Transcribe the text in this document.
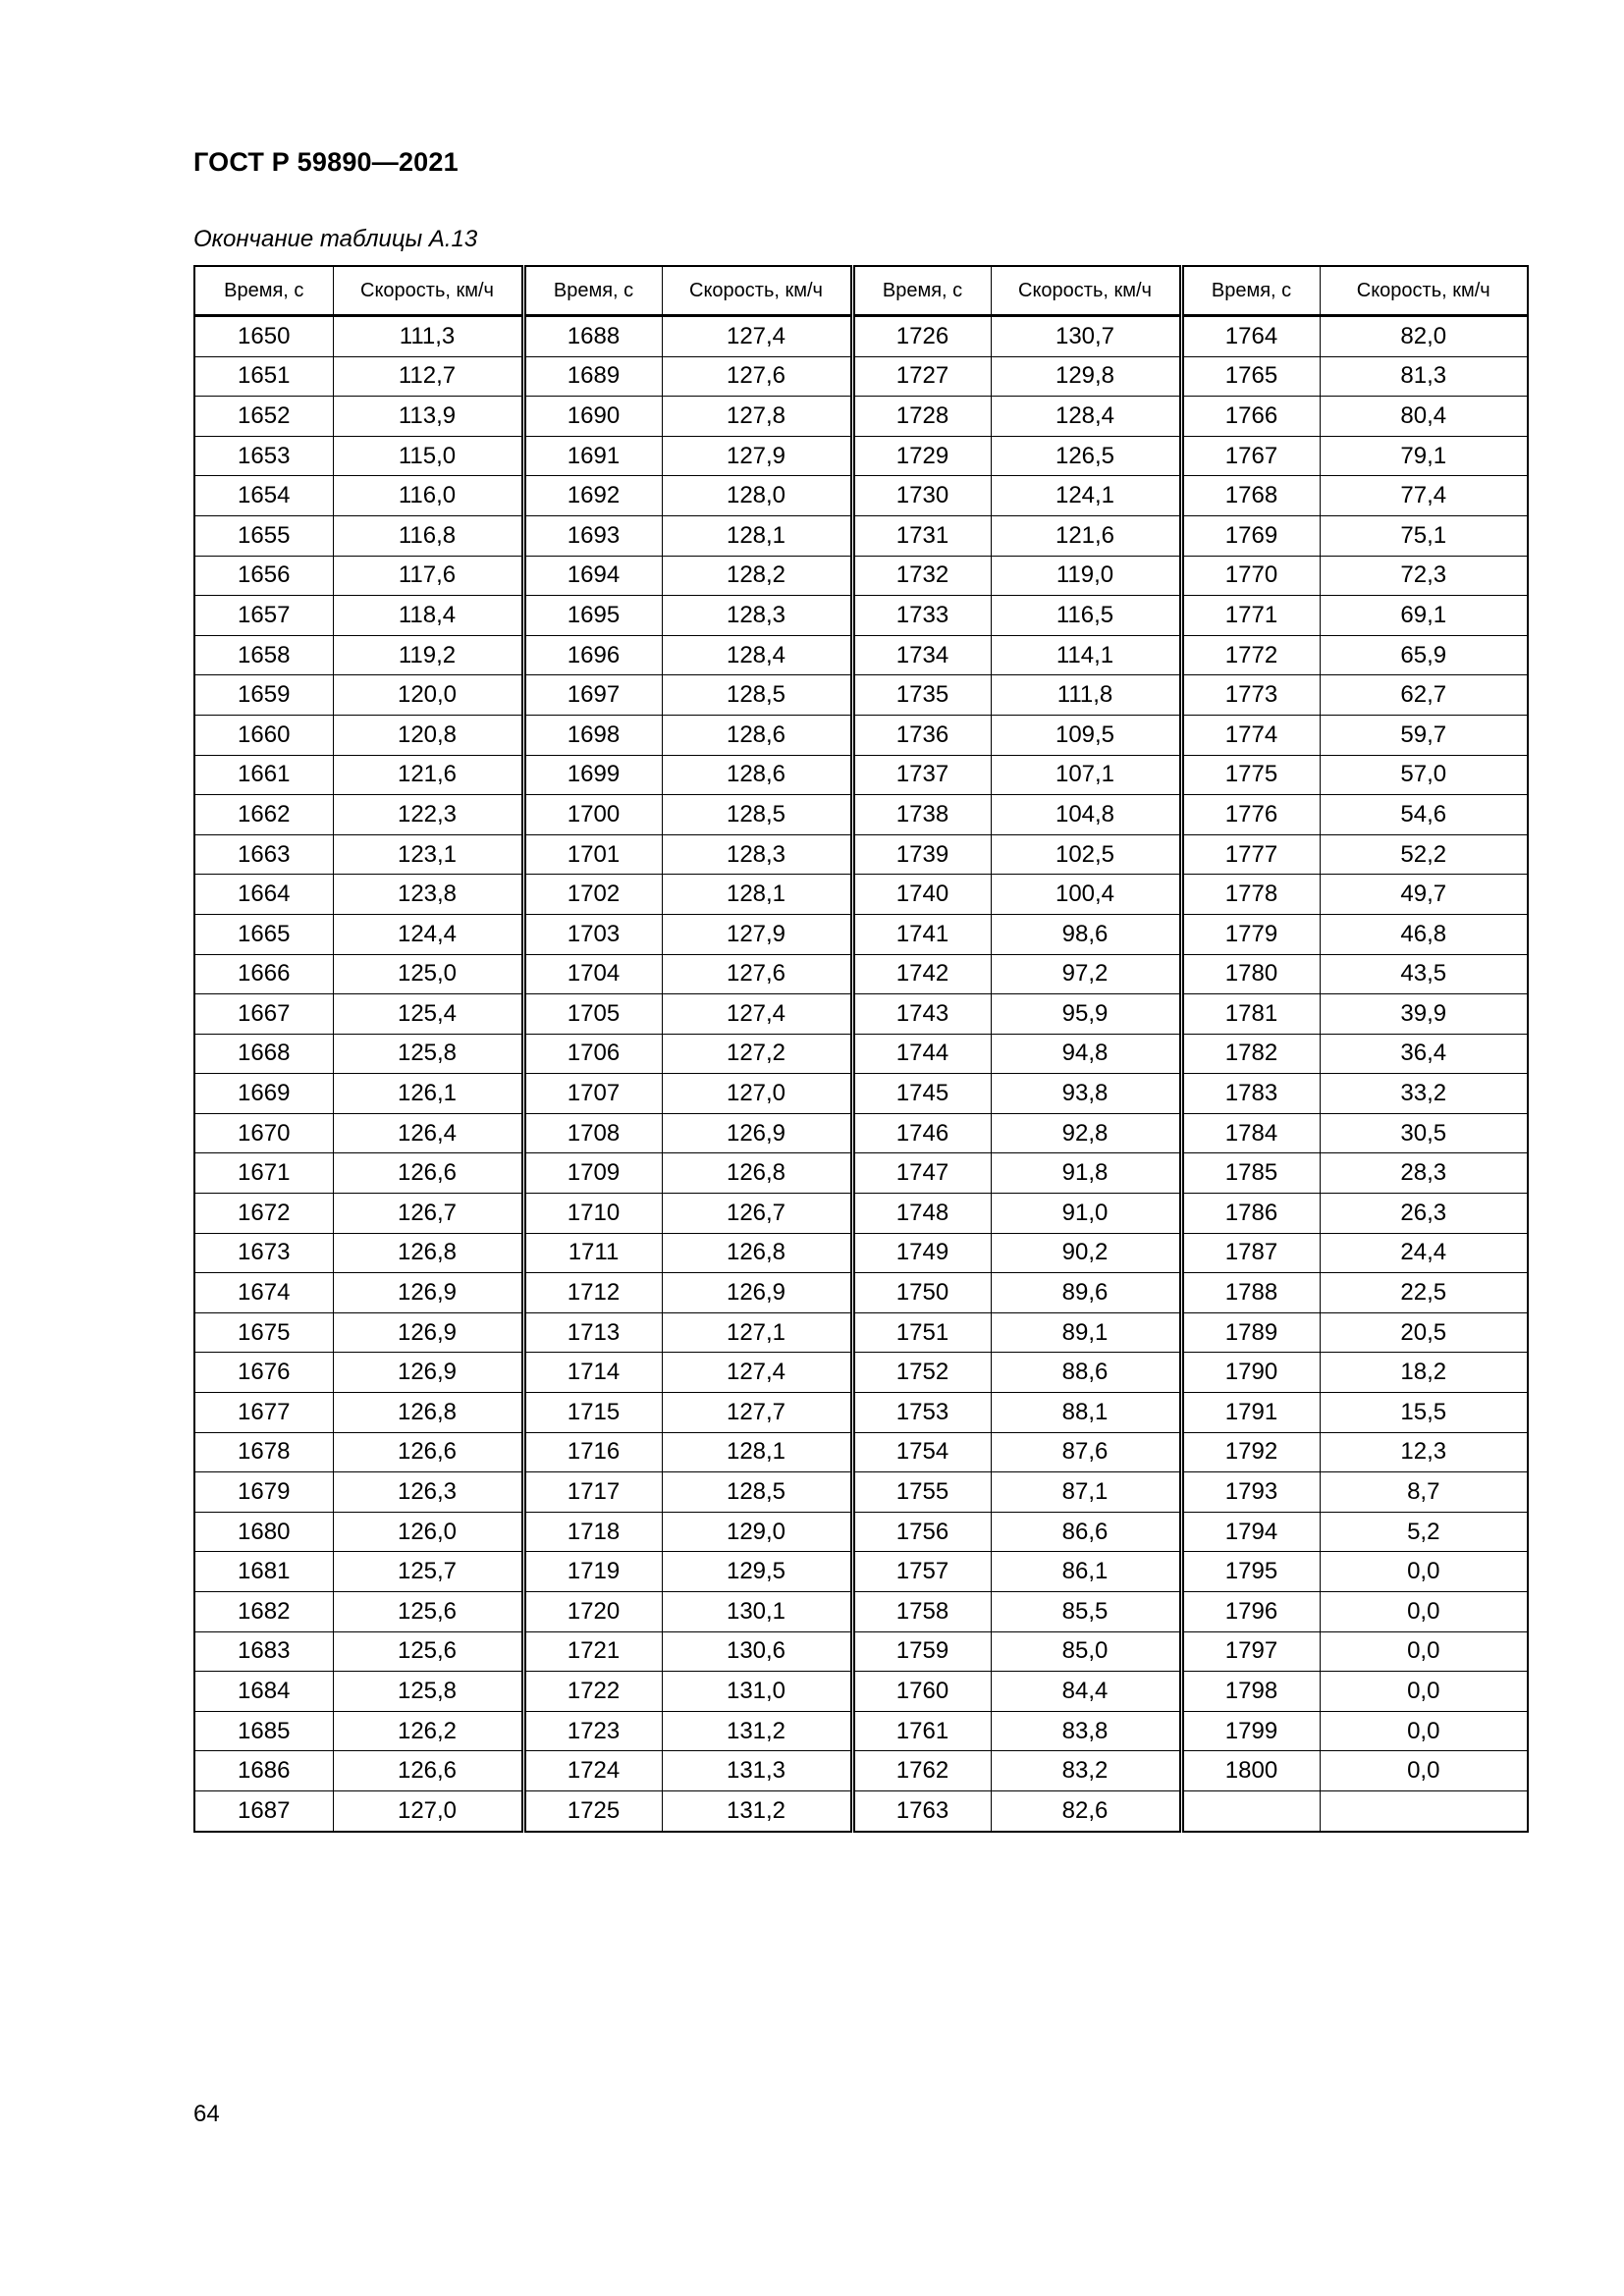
ГОСТ Р 59890—2021
Окончание таблицы А.13
Время, с	Скорость, км/ч	Время, с	Скорость, км/ч	Время, с	Скорость, км/ч	Время, с	Скорость, км/ч
1650	111,3	1688	127,4	1726	130,7	1764	82,0
1651	112,7	1689	127,6	1727	129,8	1765	81,3
1652	113,9	1690	127,8	1728	128,4	1766	80,4
1653	115,0	1691	127,9	1729	126,5	1767	79,1
1654	116,0	1692	128,0	1730	124,1	1768	77,4
1655	116,8	1693	128,1	1731	121,6	1769	75,1
1656	117,6	1694	128,2	1732	119,0	1770	72,3
1657	118,4	1695	128,3	1733	116,5	1771	69,1
1658	119,2	1696	128,4	1734	114,1	1772	65,9
1659	120,0	1697	128,5	1735	111,8	1773	62,7
1660	120,8	1698	128,6	1736	109,5	1774	59,7
1661	121,6	1699	128,6	1737	107,1	1775	57,0
1662	122,3	1700	128,5	1738	104,8	1776	54,6
1663	123,1	1701	128,3	1739	102,5	1777	52,2
1664	123,8	1702	128,1	1740	100,4	1778	49,7
1665	124,4	1703	127,9	1741	98,6	1779	46,8
1666	125,0	1704	127,6	1742	97,2	1780	43,5
1667	125,4	1705	127,4	1743	95,9	1781	39,9
1668	125,8	1706	127,2	1744	94,8	1782	36,4
1669	126,1	1707	127,0	1745	93,8	1783	33,2
1670	126,4	1708	126,9	1746	92,8	1784	30,5
1671	126,6	1709	126,8	1747	91,8	1785	28,3
1672	126,7	1710	126,7	1748	91,0	1786	26,3
1673	126,8	1711	126,8	1749	90,2	1787	24,4
1674	126,9	1712	126,9	1750	89,6	1788	22,5
1675	126,9	1713	127,1	1751	89,1	1789	20,5
1676	126,9	1714	127,4	1752	88,6	1790	18,2
1677	126,8	1715	127,7	1753	88,1	1791	15,5
1678	126,6	1716	128,1	1754	87,6	1792	12,3
1679	126,3	1717	128,5	1755	87,1	1793	8,7
1680	126,0	1718	129,0	1756	86,6	1794	5,2
1681	125,7	1719	129,5	1757	86,1	1795	0,0
1682	125,6	1720	130,1	1758	85,5	1796	0,0
1683	125,6	1721	130,6	1759	85,0	1797	0,0
1684	125,8	1722	131,0	1760	84,4	1798	0,0
1685	126,2	1723	131,2	1761	83,8	1799	0,0
1686	126,6	1724	131,3	1762	83,2	1800	0,0
1687	127,0	1725	131,2	1763	82,6		
64
